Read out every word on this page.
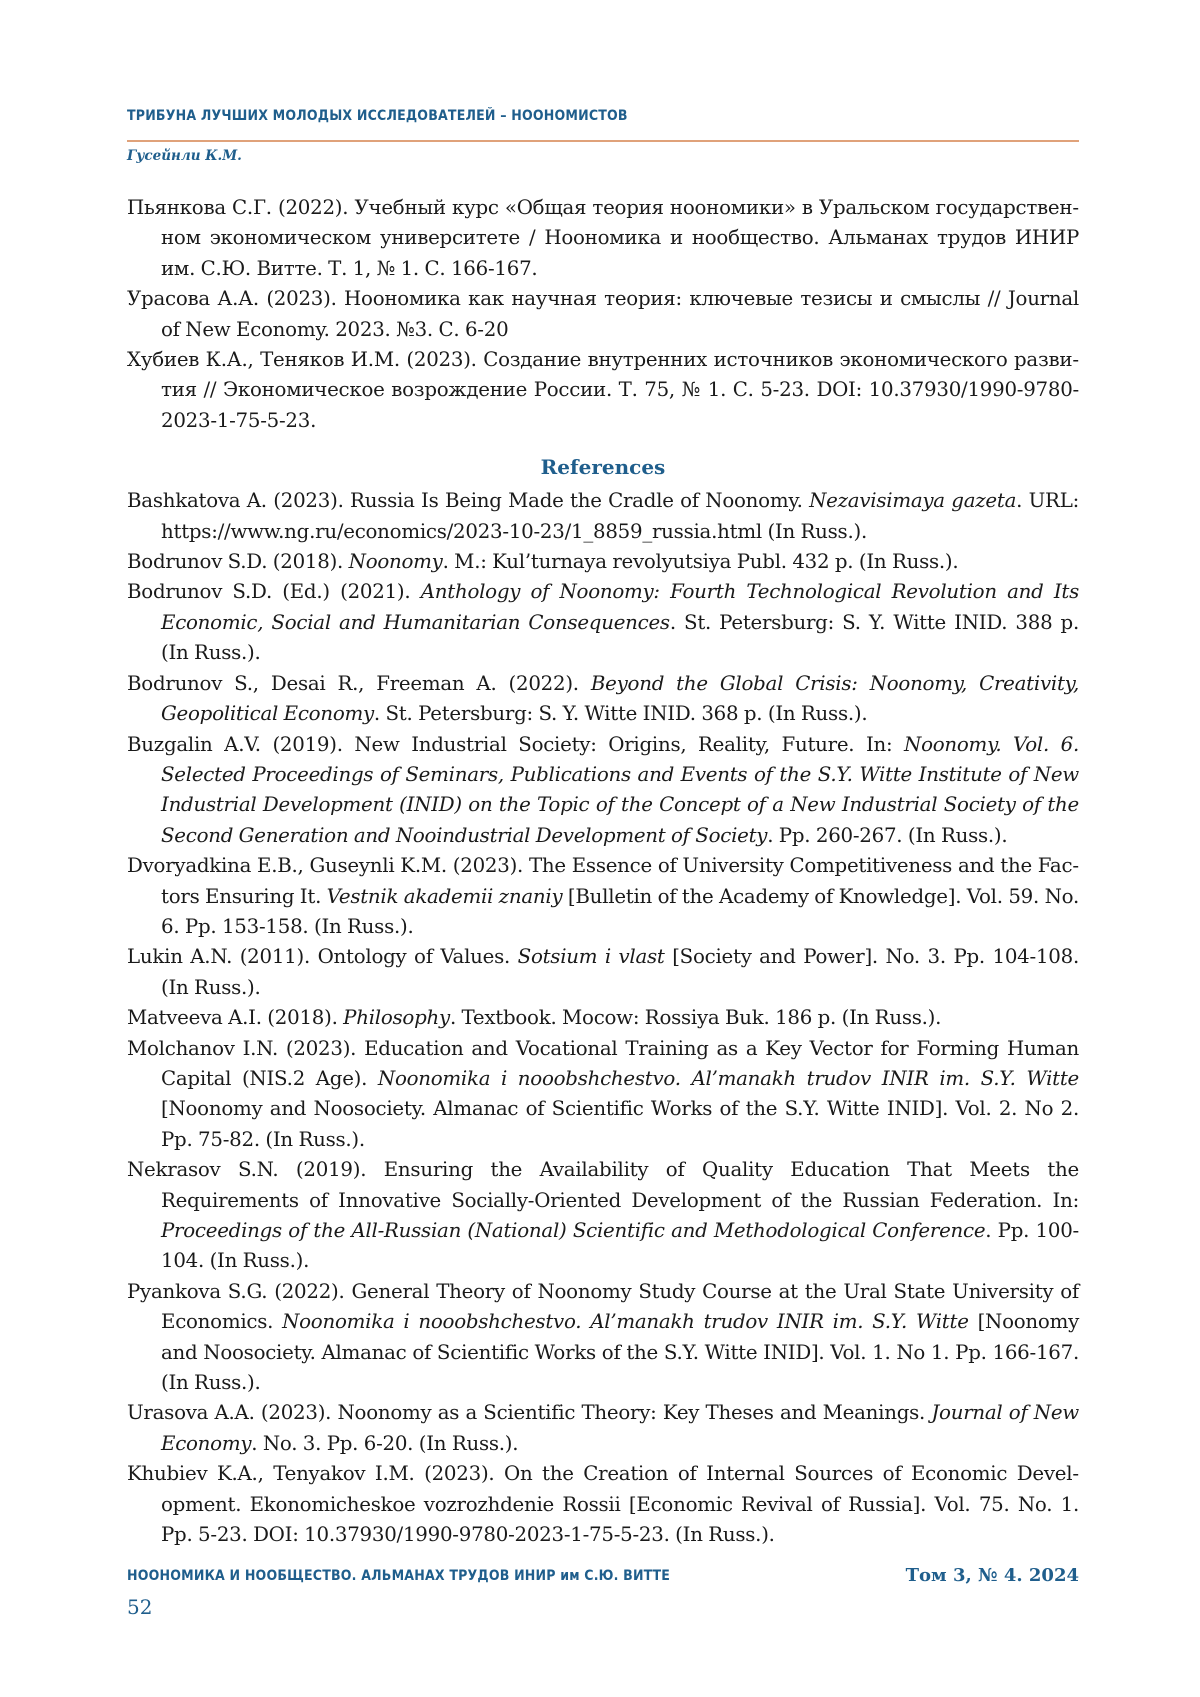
ТРИБУНА ЛУЧШИХ МОЛОДЫХ ИССЛЕДОВАТЕЛЕЙ – НООНОМИСТОВ
Гусейнли К.М.

Пьянкова С.Г. (2022). Учебный курс «Общая теория ноономики» в Уральском государственном экономическом университете / Ноономика и нообщество. Альманах трудов ИНИР им. С.Ю. Витте. Т. 1, № 1. С. 166-167.

Урасова А.А. (2023). Ноономика как научная теория: ключевые тезисы и смыслы // Journal of New Economy. 2023. №3. С. 6-20

Хубиев К.А., Теняков И.М. (2023). Создание внутренних источников экономического развития // Экономическое возрождение России. Т. 75, № 1. С. 5-23. DOI: 10.37930/1990-9780-2023-1-75-5-23.

References

Bashkatova A. (2023). Russia Is Being Made the Cradle of Noonomy. Nezavisimaya gazeta. URL: https://www.ng.ru/economics/2023-10-23/1_8859_russia.html (In Russ.).

Bodrunov S.D. (2018). Noonomy. M.: Kul’turnaya revolyutsiya Publ. 432 p. (In Russ.).

Bodrunov S.D. (Ed.) (2021). Anthology of Noonomy: Fourth Technological Revolution and Its Economic, Social and Humanitarian Consequences. St. Petersburg: S. Y. Witte INID. 388 p. (In Russ.).

Bodrunov S., Desai R., Freeman A. (2022). Beyond the Global Crisis: Noonomy, Creativity, Geopolitical Economy. St. Petersburg: S. Y. Witte INID. 368 p. (In Russ.).

Buzgalin A.V. (2019). New Industrial Society: Origins, Reality, Future. In: Noonomy. Vol. 6. Selected Proceedings of Seminars, Publications and Events of the S.Y. Witte Institute of New Industrial Development (INID) on the Topic of the Concept of a New Industrial Society of the Second Generation and Nooindustrial Development of Society. Pp. 260-267. (In Russ.).

Dvoryadkina E.B., Guseynli K.M. (2023). The Essence of University Competitiveness and the Factors Ensuring It. Vestnik akademii znaniy [Bulletin of the Academy of Knowledge]. Vol. 59. No. 6. Pp. 153-158. (In Russ.).

Lukin A.N. (2011). Ontology of Values. Sotsium i vlast [Society and Power]. No. 3. Pp. 104-108. (In Russ.).

Matveeva A.I. (2018). Philosophy. Textbook. Mocow: Rossiya Buk. 186 p. (In Russ.).

Molchanov I.N. (2023). Education and Vocational Training as a Key Vector for Forming Human Capital (NIS.2 Age). Noonomika i nooobshchestvo. Al’manakh trudov INIR im. S.Y. Witte [Noonomy and Noosociety. Almanac of Scientific Works of the S.Y. Witte INID]. Vol. 2. No 2. Pp. 75-82. (In Russ.).

Nekrasov S.N. (2019). Ensuring the Availability of Quality Education That Meets the Requirements of Innovative Socially-Oriented Development of the Russian Federation. In: Proceedings of the All-Russian (National) Scientific and Methodological Conference. Pp. 100-104. (In Russ.).

Pyankova S.G. (2022). General Theory of Noonomy Study Course at the Ural State University of Economics. Noonomika i nooobshchestvo. Al’manakh trudov INIR im. S.Y. Witte [Noonomy and Noosociety. Almanac of Scientific Works of the S.Y. Witte INID]. Vol. 1. No 1. Pp. 166-167. (In Russ.).

Urasova A.A. (2023). Noonomy as a Scientific Theory: Key Theses and Meanings. Journal of New Economy. No. 3. Pp. 6-20. (In Russ.).

Khubiev K.A., Tenyakov I.M. (2023). On the Creation of Internal Sources of Economic Development. Ekonomicheskoe vozrozhdenie Rossii [Economic Revival of Russia]. Vol. 75. No. 1. Pp. 5-23. DOI: 10.37930/1990-9780-2023-1-75-5-23. (In Russ.).

НООНОМИКА И НООБЩЕСТВО. АЛЬМАНАХ ТРУДОВ ИНИР им С.Ю. ВИТТЕ	Том 3, № 4. 2024
52
